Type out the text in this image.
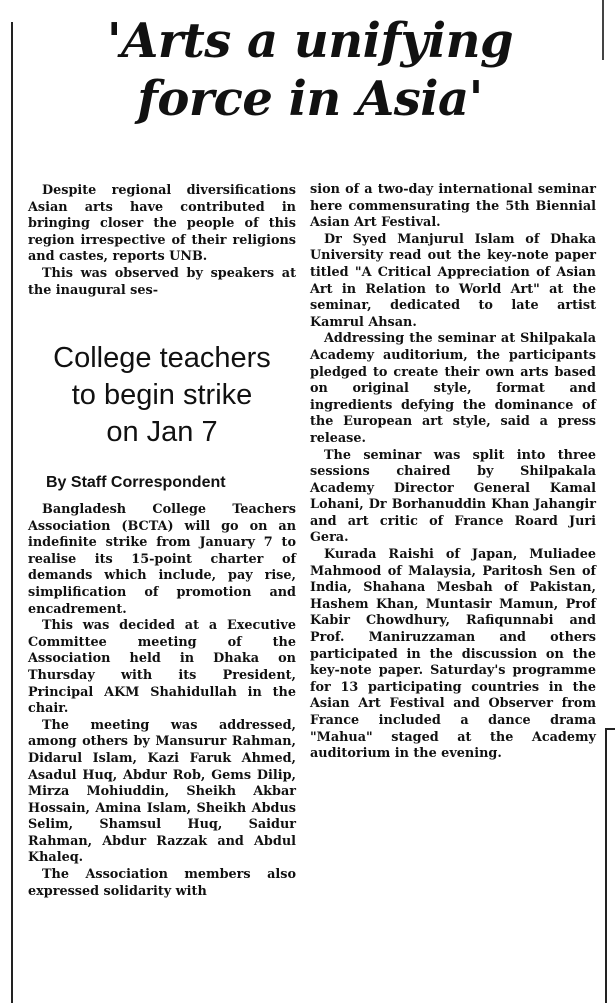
'Arts a unifying
force in Asia'

Despite regional diversifications Asian arts have contributed in bringing closer the people of this region irrespective of their religions and castes, reports UNB.

This was observed by speakers at the inaugural ses-

College teachers
to begin strike
on Jan 7
By Staff Correspondent

Bangladesh College Teachers Association (BCTA) will go on an indefinite strike from January 7 to realise its 15-point charter of demands which include, pay rise, simplification of promotion and encadrement.

This was decided at a Executive Committee meeting of the Association held in Dhaka on Thursday with its President, Principal AKM Shahidullah in the chair.

The meeting was addressed, among others by Mansurur Rahman, Didarul Islam, Kazi Faruk Ahmed, Asadul Huq, Abdur Rob, Gems Dilip, Mirza Mohiuddin, Sheikh Akbar Hossain, Amina Islam, Sheikh Abdus Selim, Shamsul Huq, Saidur Rahman, Abdur Razzak and Abdul Khaleq.

The Association members also expressed solidarity with

sion of a two-day international seminar here commensurating the 5th Biennial Asian Art Festival.

Dr Syed Manjurul Islam of Dhaka University read out the key-note paper titled "A Critical Appreciation of Asian Art in Relation to World Art" at the seminar, dedicated to late artist Kamrul Ahsan.

Addressing the seminar at Shilpakala Academy auditorium, the participants pledged to create their own arts based on original style, format and ingredients defying the dominance of the European art style, said a press release.

The seminar was split into three sessions chaired by Shilpakala Academy Director General Kamal Lohani, Dr Borhanuddin Khan Jahangir and art critic of France Roard Juri Gera.

Kurada Raishi of Japan, Muliadee Mahmood of Malaysia, Paritosh Sen of India, Shahana Mesbah of Pakistan, Hashem Khan, Muntasir Mamun, Prof Kabir Chowdhury, Rafiqunnabi and Prof. Maniruzzaman and others participated in the discussion on the key-note paper. Saturday's programme for 13 participating countries in the Asian Art Festival and Observer from France included a dance drama "Mahua" staged at the Academy auditorium in the evening.
